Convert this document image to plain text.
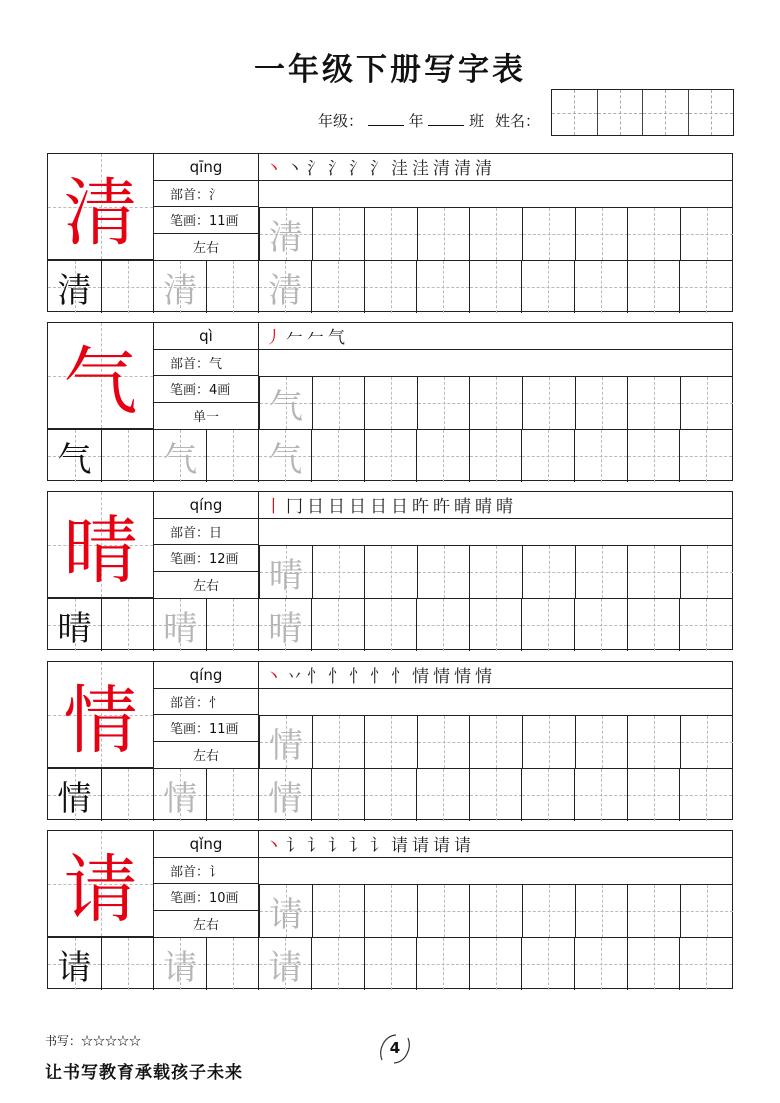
一年级下册写字表
年级：	年	班 姓名：
清
qīng
部首：氵
笔画：11画
左右
丶 丶 氵 氵 氵 氵 洼 洼 清 清 清
清
清 清 清
气
qì
部首：气
笔画：4画
单一
丿 𠂉 𠂉 气
气
气 气 气
晴
qíng
部首：日
笔画：12画
左右
丨 冂 日 日 日 日 日 旿 旿 晴 晴 晴
晴
晴 晴 晴
情
qíng
部首：忄
笔画：11画
左右
丶 丷 忄 忄 忄 忄 忄 情 情 情 情
情
情 情 情
请
qǐng
部首：讠
笔画：10画
左右
丶 讠 讠 讠 讠 讠 请 请 请 请
请
请 请 请
书写：☆☆☆☆☆	4
让书写教育承载孩子未来
